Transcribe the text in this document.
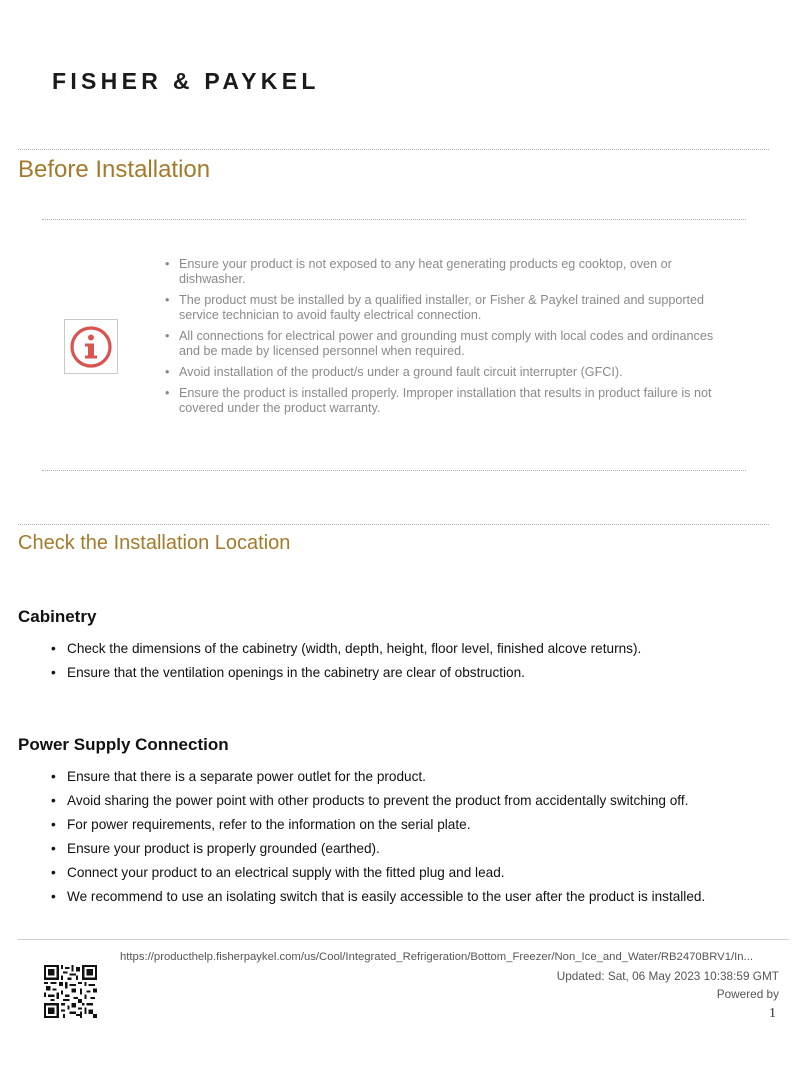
FISHER & PAYKEL
Before Installation
• Ensure your product is not exposed to any heat generating products eg cooktop, oven or dishwasher.
• The product must be installed by a qualified installer, or Fisher & Paykel trained and supported service technician to avoid faulty electrical connection.
• All connections for electrical power and grounding must comply with local codes and ordinances and be made by licensed personnel when required.
• Avoid installation of the product/s under a ground fault circuit interrupter (GFCI).
• Ensure the product is installed properly. Improper installation that results in product failure is not covered under the product warranty.
Check the Installation Location
Cabinetry
• Check the dimensions of the cabinetry (width, depth, height, floor level, finished alcove returns).
• Ensure that the ventilation openings in the cabinetry are clear of obstruction.
Power Supply Connection
• Ensure that there is a separate power outlet for the product.
• Avoid sharing the power point with other products to prevent the product from accidentally switching off.
• For power requirements, refer to the information on the serial plate.
• Ensure your product is properly grounded (earthed).
• Connect your product to an electrical supply with the fitted plug and lead.
• We recommend to use an isolating switch that is easily accessible to the user after the product is installed.
https://producthelp.fisherpaykel.com/us/Cool/Integrated_Refrigeration/Bottom_Freezer/Non_Ice_and_Water/RB2470BRV1/In...
Updated: Sat, 06 May 2023 10:38:59 GMT
Powered by
1
